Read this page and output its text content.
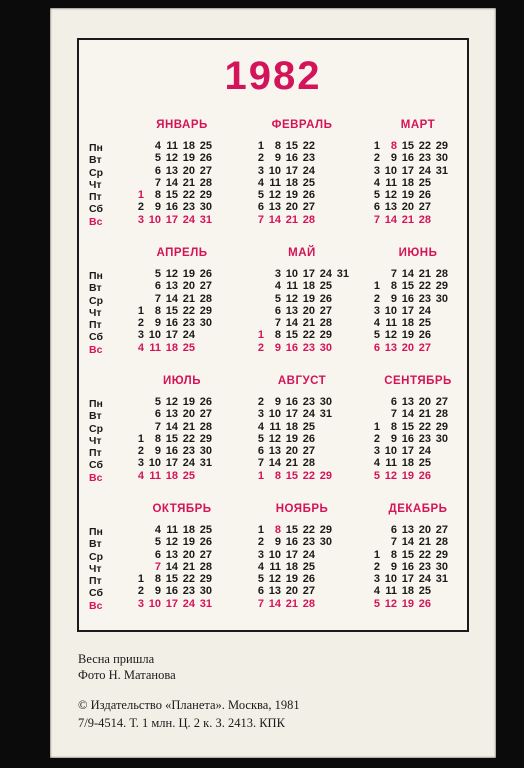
1982
Пн
Вт
Ср
Чт
Пт
Сб
Вс
ЯНВАРЬ
4 11 18 25
5 12 19 26
6 13 20 27
7 14 21 28
1 8 15 22 29
2 9 16 23 30
3 10 17 24 31
ФЕВРАЛЬ
1 8 15 22
2 9 16 23
3 10 17 24
4 11 18 25
5 12 19 26
6 13 20 27
7 14 21 28
МАРТ
1 8 15 22 29
2 9 16 23 30
3 10 17 24 31
4 11 18 25
5 12 19 26
6 13 20 27
7 14 21 28
Пн
Вт
Ср
Чт
Пт
Сб
Вс
АПРЕЛЬ
5 12 19 26
6 13 20 27
7 14 21 28
1 8 15 22 29
2 9 16 23 30
3 10 17 24
4 11 18 25
МАЙ
3 10 17 24 31
4 11 18 25
5 12 19 26
6 13 20 27
7 14 21 28
1 8 15 22 29
2 9 16 23 30
ИЮНЬ
7 14 21 28
1 8 15 22 29
2 9 16 23 30
3 10 17 24
4 11 18 25
5 12 19 26
6 13 20 27
Пн
Вт
Ср
Чт
Пт
Сб
Вс
ИЮЛЬ
5 12 19 26
6 13 20 27
7 14 21 28
1 8 15 22 29
2 9 16 23 30
3 10 17 24 31
4 11 18 25
АВГУСТ
2 9 16 23 30
3 10 17 24 31
4 11 18 25
5 12 19 26
6 13 20 27
7 14 21 28
1 8 15 22 29
СЕНТЯБРЬ
6 13 20 27
7 14 21 28
1 8 15 22 29
2 9 16 23 30
3 10 17 24
4 11 18 25
5 12 19 26
Пн
Вт
Ср
Чт
Пт
Сб
Вс
ОКТЯБРЬ
4 11 18 25
5 12 19 26
6 13 20 27
7 14 21 28
1 8 15 22 29
2 9 16 23 30
3 10 17 24 31
НОЯБРЬ
1 8 15 22 29
2 9 16 23 30
3 10 17 24
4 11 18 25
5 12 19 26
6 13 20 27
7 14 21 28
ДЕКАБРЬ
6 13 20 27
7 14 21 28
1 8 15 22 29
2 9 16 23 30
3 10 17 24 31
4 11 18 25
5 12 19 26
Весна пришла
Фото Н. Матанова
© Издательство «Планета». Москва, 1981
7/9-4514. Т. 1 млн. Ц. 2 к. З. 2413. КПК
